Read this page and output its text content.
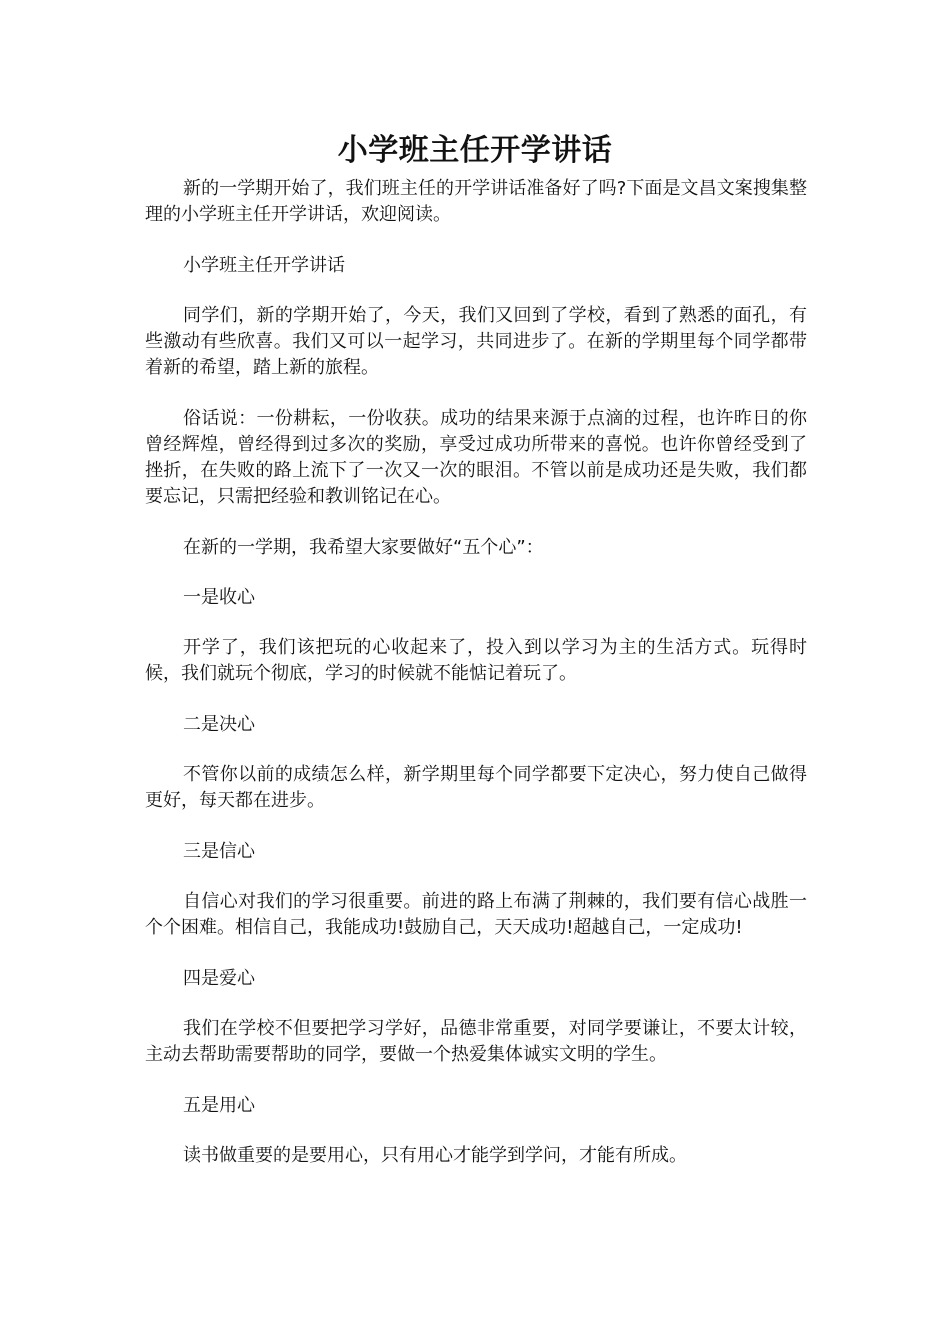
小学班主任开学讲话

新的一学期开始了，我们班主任的开学讲话准备好了吗?下面是文昌文案搜集整理的小学班主任开学讲话，欢迎阅读。

小学班主任开学讲话

同学们，新的学期开始了，今天，我们又回到了学校，看到了熟悉的面孔，有些激动有些欣喜。我们又可以一起学习，共同进步了。在新的学期里每个同学都带着新的希望，踏上新的旅程。

俗话说：一份耕耘，一份收获。成功的结果来源于点滴的过程，也许昨日的你曾经辉煌，曾经得到过多次的奖励，享受过成功所带来的喜悦。也许你曾经受到了挫折，在失败的路上流下了一次又一次的眼泪。不管以前是成功还是失败，我们都要忘记，只需把经验和教训铭记在心。

在新的一学期，我希望大家要做好“五个心”：

一是收心

开学了，我们该把玩的心收起来了，投入到以学习为主的生活方式。玩得时候，我们就玩个彻底，学习的时候就不能惦记着玩了。

二是决心

不管你以前的成绩怎么样，新学期里每个同学都要下定决心，努力使自己做得更好，每天都在进步。

三是信心

自信心对我们的学习很重要。前进的路上布满了荆棘的，我们要有信心战胜一个个困难。相信自己，我能成功!鼓励自己，天天成功!超越自己，一定成功!

四是爱心

我们在学校不但要把学习学好，品德非常重要，对同学要谦让，不要太计较，主动去帮助需要帮助的同学，要做一个热爱集体诚实文明的学生。

五是用心

读书做重要的是要用心，只有用心才能学到学问，才能有所成。
